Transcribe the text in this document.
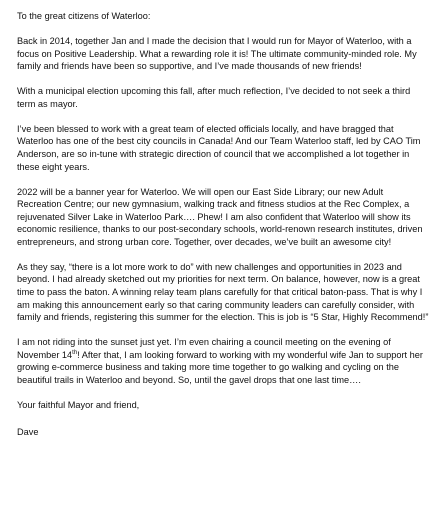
To the great citizens of Waterloo:

Back in 2014, together Jan and I made the decision that I would run for Mayor of Waterloo, with a focus on Positive Leadership. What a rewarding role it is! The ultimate community-minded role. My family and friends have been so supportive, and I’ve made thousands of new friends!

With a municipal election upcoming this fall, after much reflection, I’ve decided to not seek a third term as mayor.

I’ve been blessed to work with a great team of elected officials locally, and have bragged that Waterloo has one of the best city councils in Canada! And our Team Waterloo staff, led by CAO Tim Anderson, are so in-tune with strategic direction of council that we accomplished a lot together in these eight years.

2022 will be a banner year for Waterloo. We will open our East Side Library; our new Adult Recreation Centre; our new gymnasium, walking track and fitness studios at the Rec Complex, a rejuvenated Silver Lake in Waterloo Park…. Phew! I am also confident that Waterloo will show its economic resilience, thanks to our post-secondary schools, world-renown research institutes, driven entrepreneurs, and strong urban core. Together, over decades, we’ve built an awesome city!

As they say, “there is a lot more work to do” with new challenges and opportunities in 2023 and beyond. I had already sketched out my priorities for next term. On balance, however, now is a great time to pass the baton. A winning relay team plans carefully for that critical baton-pass. That is why I am making this announcement early so that caring community leaders can carefully consider, with family and friends, registering this summer for the election. This is job is “5 Star, Highly Recommend!”

I am not riding into the sunset just yet. I’m even chairing a council meeting on the evening of November 14th! After that, I am looking forward to working with my wonderful wife Jan to support her growing e-commerce business and taking more time together to go walking and cycling on the beautiful trails in Waterloo and beyond. So, until the gavel drops that one last time….

Your faithful Mayor and friend,

Dave
